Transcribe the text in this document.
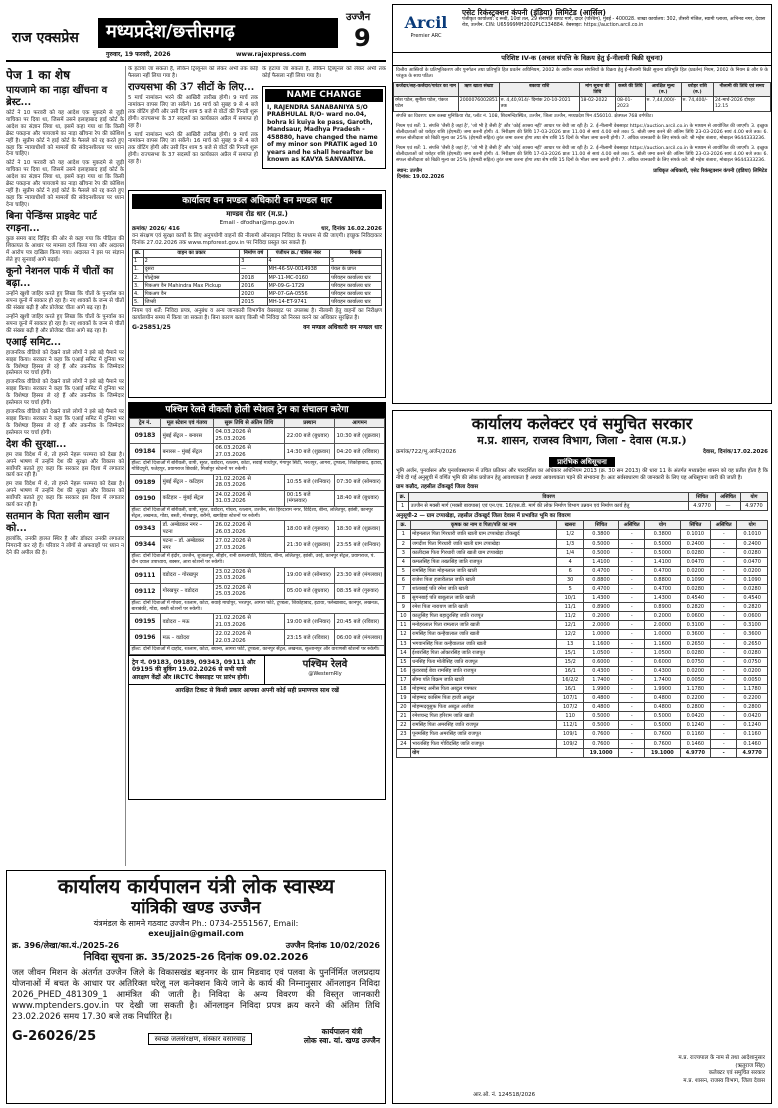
राज एक्सप्रेस	मध्यप्रदेश/छत्तीसगढ़
उज्जैन
9
गुरुवार, 19 फरवरी, 2026	www.rajexpress.com
पेज 1 का शेष
पायजामे का नाड़ा खींचना व ब्रेस्ट...

कोर्ट ने 10 फरवरी को यह आदेश एक मुकदमे से जुड़ी याचिका पर दिया था, जिसमें उसने इलाहाबाद हाई कोर्ट के आदेश का संज्ञान लिया था, इसमें कहा गया था कि किसी ब्रेस्ट पकड़ना और पायजामे का नाड़ा खींचना रेप की कोशिश नहीं है। सुप्रीम कोर्ट ने हाई कोर्ट के फैसले को रद्द करते हुए कहा कि न्यायाधीशों को मामलों की संवेदनशीलता पर ध्यान देना चाहिए।

कोर्ट ने 10 फरवरी को यह आदेश एक मुकदमे से जुड़ी याचिका पर दिया था, जिसमें उसने इलाहाबाद हाई कोर्ट के आदेश का संज्ञान लिया था, इसमें कहा गया था कि किसी ब्रेस्ट पकड़ना और पायजामे का नाड़ा खींचना रेप की कोशिश नहीं है। सुप्रीम कोर्ट ने हाई कोर्ट के फैसले को रद्द करते हुए कहा कि न्यायाधीशों को मामलों की संवेदनशीलता पर ध्यान देना चाहिए।

बिना पेन्डिंग्स प्राइवेट पार्ट रगड़ना...

कुछ समय बाद दिहिंद की ओर से कहा गया कि पीड़िता की शिकायत के आधार पर मामला दर्ज किया गया और अदालत में आरोप पत्र दाखिल किया गया। अदालत ने इस पर संज्ञान लेते हुए सुनवाई आगे बढ़ाई।

कूनो नेशनल पार्क में चीतों का बढ़ा...

उन्होंने खुशी जाहिर करते हुए लिखा कि चीतों के पुनर्वास का सपना कूनो में साकार हो रहा है। नए शावकों के जन्म से चीतों की संख्या बढ़ी है और प्रोजेक्ट चीता आगे बढ़ रहा है।

उन्होंने खुशी जाहिर करते हुए लिखा कि चीतों के पुनर्वास का सपना कूनो में साकार हो रहा है। नए शावकों के जन्म से चीतों की संख्या बढ़ी है और प्रोजेक्ट चीता आगे बढ़ रहा है।

एआई समिट...

हाजनरिक वीडियो को देखने वाले लोगों ने इसे बड़े पैमाने पर साझा किया। सरकार ने कहा कि एआई समिट में दुनिया भर के विशेषज्ञ हिस्सा ले रहे हैं और तकनीक के जिम्मेदार इस्तेमाल पर चर्चा होगी।

हाजनरिक वीडियो को देखने वाले लोगों ने इसे बड़े पैमाने पर साझा किया। सरकार ने कहा कि एआई समिट में दुनिया भर के विशेषज्ञ हिस्सा ले रहे हैं और तकनीक के जिम्मेदार इस्तेमाल पर चर्चा होगी।

हाजनरिक वीडियो को देखने वाले लोगों ने इसे बड़े पैमाने पर साझा किया। सरकार ने कहा कि एआई समिट में दुनिया भर के विशेषज्ञ हिस्सा ले रहे हैं और तकनीक के जिम्मेदार इस्तेमाल पर चर्चा होगी।

देश की सुरक्षा...

हम जब विदेश में थे, तो हमने नेहरू परम्परा को देखा है। अपने भाषण में उन्होंने देश की सुरक्षा और विकास को सर्वोपरि बताते हुए कहा कि सरकार इस दिशा में लगातार कार्य कर रही है।

हम जब विदेश में थे, तो हमने नेहरू परम्परा को देखा है। अपने भाषण में उन्होंने देश की सुरक्षा और विकास को सर्वोपरि बताते हुए कहा कि सरकार इस दिशा में लगातार कार्य कर रही है।

सतमान के पिता सलीम खान को...

हालांकि, उनकी हालत स्थिर है और डॉक्टर उनकी लगातार निगरानी कर रहे हैं। परिवार ने लोगों से अफवाहों पर ध्यान न देने की अपील की है।

के हटाया जा सकता है, लेकिन ट्रिब्यूनल को लेकर अभी तक कोई फैसला नहीं लिया गया है।

राज्यसभा की 37 सीटों के लिए...

5 मार्च नामांकन भरने की आखिरी तारीख होगी। 9 मार्च तक नामांकन वापस लिए जा सकेंगे। 16 मार्च को सुबह 9 से 4 बजे तक वोटिंग होगी और उसी दिन शाम 5 बजे से वोटों की गिनती शुरू होगी। राज्यसभा के 37 सदस्यों का कार्यकाल अप्रैल में समाप्त हो रहा है।

5 मार्च नामांकन भरने की आखिरी तारीख होगी। 9 मार्च तक नामांकन वापस लिए जा सकेंगे। 16 मार्च को सुबह 9 से 4 बजे तक वोटिंग होगी और उसी दिन शाम 5 बजे से वोटों की गिनती शुरू होगी। राज्यसभा के 37 सदस्यों का कार्यकाल अप्रैल में समाप्त हो रहा है।

के हटाया जा सकता है, लेकिन ट्रिब्यूनल को लेकर अभी तक कोई फैसला नहीं लिया गया है।

NAME CHANGE
I, RAJENDRA SANABANIYA S/O PRABHULAL R/O- ward no.04, bohra ki kuiya ke pass, Garoth, Mandsaur, Madhya Pradesh - 458880, have changed the name of my minor son PRATIK aged 10 years and he shall hereafter be known as KAVYA SANVANIYA.
कार्यालय वन मण्डल अधिकारी वन मण्डल धार
माण्डव रोड धार (म.प्र.)
Email - dfodhar@mp.gov.in
क्रमांक/ 2026/ 416	धार, दिनांक 16.02.2026

वन संरक्षण एवं सुरक्षा कार्यों के लिए अनुपयोगी वाहनों की नीलामी ऑनलाइन निविदा के माध्यम से की जाएगी। इच्छुक निविदाकार दिनांक 27.02.2026 तक www.mpforest.gov.in पर निविदा प्रस्तुत कर सकते हैं।

क्र.	वाहन का प्रकार	निर्माण वर्ष	पंजीयन क्र./ चेसिस नंबर	रिमार्क
1	2	3	4	5
1.	दूसरा	—	MH-46-SV-0014938	पेयल के प्राप्त
2.	पोल्ट्रेक्स	2018	MP-11-MC-0160	परिवहन कार्यालय धार
3.	पिकअप वैन Mahindra Max Pickup	2016	MP-09-G-1729	परिवहन कार्यालय धार
4.	पिकअप वैन	2020	MP-07-GA-0556	परिवहन कार्यालय धार
5.	जिप्सी	2015	MH-14-ET-9741	परिवहन कार्यालय धार

नियम एवं शर्तें: निविदा प्रपत्र, अनुबंध व अन्य जानकारी विभागीय वेबसाइट पर उपलब्ध है। नीलामी हेतु वाहनों का निरीक्षण कार्यालयीन समय में किया जा सकता है। बिना कारण बताए किसी भी निविदा को निरस्त करने का अधिकार सुरक्षित है।

G-25851/25	वन मण्डल अधिकारी वन मण्डल धार
पश्चिम रेलवे वीकली होली स्पेशल ट्रेन का संचालन करेगा
ट्रेन नं.	मूल स्टेशन एवं गंतव्य	सुरू तिथि से अंतिम तिथि	प्रस्थान	आगमन
09183	मुंबई सेंट्रल – बनारस	04.03.2026 से 25.03.2026	22:00 बजे (बुधवार)	10:30 बजे (शुक्रवार)
09184	बनारस – मुंबई सेंट्रल	06.03.2026 से 27.03.2026	14:30 बजे (शुक्रवार)	04:20 बजे (रविवार)
हॉल्ट: दोनों दिशाओं में बोरीवली, वापी, सूरत, वडोदरा, रतलाम, कोटा, सवाई माधोपुर, गंगापुर सिटी, भरतपुर, आगरा, टूण्डला, शिकोहाबाद, इटावा, गोविंदपुरी, फतेहपुर, प्रयागराज छिवकी, मिर्जापुर स्टेशनों पर रुकेगी।				
09189	मुंबई सेंट्रल – कटिहार	21.02.2026 से 28.03.2026	10:55 बजे (शनिवार)	07:30 बजे (सोमवार)
09190	कटिहार – मुंबई सेंट्रल	24.02.2026 से 31.03.2026	00:15 बजे (मंगलवार)	18:40 बजे (बुधवार)
हॉल्ट: दोनों दिशाओं में बोरीवली, वापी, सूरत, वडोदरा, गोधरा, रतलाम, उज्जैन, संत हिरदाराम नगर, विदिशा, बीना, ललितपुर, झांसी, कानपुर सेंट्रल, लखनऊ, गोंडा, बस्ती, गोरखपुर, बरौनी, खगड़िया स्टेशनों पर रुकेगी।				
09343	डॉ. अम्बेडकर नगर – पटना	26.02.2026 से 26.03.2026	18:00 बजे (गुरुवार)	18:30 बजे (शुक्रवार)
09344	पटना – डॉ. अम्बेडकर नगर	27.02.2026 से 27.03.2026	21:30 बजे (शुक्रवार)	23:55 बजे (शनिवार)
हॉल्ट: दोनों दिशाओं में इंदौर, उज्जैन, शुजालपुर, सीहोर, रानी कमलापति, विदिशा, बीना, ललितपुर, झांसी, उरई, कानपुर सेंट्रल, प्रयागराज, पं. दीन दयाल उपाध्याय, बक्सर, आरा स्टेशनों पर रुकेगी।				
09111	वडोदरा – गोरखपुर	23.02.2026 से 23.03.2026	19:00 बजे (सोमवार)	23:30 बजे (मंगलवार)
09112	गोरखपुर – वडोदरा	25.02.2026 से 25.03.2026	05:00 बजे (बुधवार)	08:35 बजे (गुरुवार)
हॉल्ट: दोनों दिशाओं में गोधरा, रतलाम, कोटा, सवाई माधोपुर, भरतपुर, आगरा फोर्ट, टूण्डला, शिकोहाबाद, इटावा, फर्रुखाबाद, कानपुर, लखनऊ, बाराबंकी, गोंडा, बस्ती स्टेशनों पर रुकेगी।				
09195	वडोदरा – मऊ	21.02.2026 से 21.03.2026	19:00 बजे (शनिवार)	20:45 बजे (रविवार)
09196	मऊ – वडोदरा	22.02.2026 से 22.03.2026	23:15 बजे (रविवार)	06:00 बजे (मंगलवार)
हॉल्ट: दोनों दिशाओं में दाहोद, रतलाम, कोटा, बयाना, आगरा फोर्ट, टूण्डला, कानपुर सेंट्रल, लखनऊ, सुल्तानपुर और वाराणसी स्टेशनों पर रुकेगी।				
ट्रेन नं. 09183, 09189, 09343, 09111 और 09195 की बुकिंग 19.02.2026 से सभी यात्री आरक्षण केंद्रों और IRCTC वेबसाइट पर प्रारंभ होगी।
पश्चिम रेलवे
@WesternRly
आरक्षित टिकट से किसी प्रकार आपका अपनी कोई सही प्रमाणपत्र साथ रखें
कार्यालय कार्यपालन यंत्री लोक स्वास्थ्य
यांत्रिकी खण्ड उज्जैन
यंत्रमंडल के सामने गठवाट उज्जैन Ph.: 0734-2551567, Email:
exeujjain@gmail.com
क्र. 396/लेखा/का.यं./2025-26	उज्जैन दिनांक 10/02/2026
निविदा सूचना क्र. 35/2025-26 दिनांक 09.02.2026
जल जीवन मिशन के अंतर्गत उज्जैन जिले के विकासखंड बड़नगर के ग्राम मिडवाद एवं पलवा के पुनर्निर्मित जलप्रदाय योजनाओं में बचत के आधार पर अतिरिक्त घरेलू नल कनेक्शन किये जाने के कार्य की निम्नानुसार ऑनलाइन निविदा 2026_PHED_481309_1 आमंत्रित की जाती है। निविदा के अन्य विवरण की विस्तृत जानकारी www.mptenders.gov.in पर देखी जा सकती है। ऑनलाइन निविदा प्रपत्र क्रय करने की अंतिम तिथि 23.02.2026 समय 17.30 बजे तक निर्धारित है।
G-26026/25	स्वच्छ जलसंरक्षण, संस्कार वसारवाह
कार्यपालन यंत्री
लोक स्वा. यां. खण्ड उज्जैन
Arcil
Premier ARC
एसेट रिकंस्ट्रक्शन कंपनी (इंडिया) लिमिटेड (आर्सिल)
पंजीकृत कार्यालय: द रूबी, 10वां तल, 29 सेनापति बापट मार्ग, दादर (पश्चिम), मुंबई - 400028. शाखा कार्यालय: 302, तीसरी मंजिल, स्वामी प्लाजा, अभिनव नगर, देवास रोड, उज्जैन. CIN: U65999MH2002PLC134884. वेबसाइट: https://auction.arcil.co.in
परिशिष्ट IV-क (अचल संपत्ति के विक्रय हेतु ई-नीलामी बिक्री सूचना)
वित्तीय आस्तियों के प्रतिभूतिकरण और पुनर्गठन तथा प्रतिभूति हित प्रवर्तन अधिनियम, 2002 के अधीन अचल संपत्तियों के विक्रय हेतु ई-नीलामी बिक्री सूचना प्रतिभूति हित (प्रवर्तन) नियम, 2002 के नियम 8 और 9 के परंतुक के साथ पठित।
कर्जदार/सह-कर्जदार/गारंटर का नाम	ऋण खाता संख्या	बकाया राशि	मांग सूचना की तिथि	कब्जे की तिथि	आरक्षित मूल्य (रु.)	धरोहर राशि (रु.)	नीलामी की तिथि एवं समय
रमेश पटेल, सुनीता पटेल, पंकज पटेल	2000076002851	रु. 4,40,914/- दिनांक 20-10-2021 तक	18-02-2022	08-01-2023	रु. 7,44,000/-	रु. 74,400/-	24-मार्च-2026 दोपहर 12.15
संपत्ति का विवरण: ग्राम कस्बा मुनिकिया रोड, प्लॉट नं. 108, शिवमन्दिरस्थित, उज्जैन, जिला उज्जैन, मध्यप्रदेश पिन 456010. क्षेत्रफल 768 वर्गफीट।
नियम एवं शर्तें: 1. संपत्ति 'जैसी है जहां है', 'जो भी है जैसी है' और 'कोई आश्रय नहीं' आधार पर बेची जा रही है। 2. ई-नीलामी वेबसाइट https://auction.arcil.co.in के माध्यम से आयोजित की जाएगी। 3. इच्छुक बोलीदाताओं को धरोहर राशि (ईएमडी) जमा करनी होगी। 4. निरीक्षण की तिथि 17-03-2026 प्रातः 11.00 से सायं 4.00 बजे तक। 5. बोली जमा करने की अंतिम तिथि 23-03-2026 सायं 4.00 बजे तक। 6. सफल बोलीदाता को बिक्री मूल्य का 25% (ईएमडी सहित) तुरंत जमा करना होगा तथा शेष राशि 15 दिनों के भीतर जमा करनी होगी। 7. अधिक जानकारी के लिए संपर्क करें: श्री महेश बंजारा, मोबाइल 9644333236.
नियम एवं शर्तें: 1. संपत्ति 'जैसी है जहां है', 'जो भी है जैसी है' और 'कोई आश्रय नहीं' आधार पर बेची जा रही है। 2. ई-नीलामी वेबसाइट https://auction.arcil.co.in के माध्यम से आयोजित की जाएगी। 3. इच्छुक बोलीदाताओं को धरोहर राशि (ईएमडी) जमा करनी होगी। 4. निरीक्षण की तिथि 17-03-2026 प्रातः 11.00 से सायं 4.00 बजे तक। 5. बोली जमा करने की अंतिम तिथि 23-03-2026 सायं 4.00 बजे तक। 6. सफल बोलीदाता को बिक्री मूल्य का 25% (ईएमडी सहित) तुरंत जमा करना होगा तथा शेष राशि 15 दिनों के भीतर जमा करनी होगी। 7. अधिक जानकारी के लिए संपर्क करें: श्री महेश बंजारा, मोबाइल 9644333236.
स्थान: उज्जैन
दिनांक: 19.02.2026
प्राधिकृत अधिकारी, एसेट रिकंस्ट्रक्शन कंपनी (इंडिया) लिमिटेड
कार्यालय कलेक्टर एवं समुचित सरकार
म.प्र. शासन, राजस्व विभाग, जिला - देवास (म.प्र.)
क्रमांक/722/भू.अर्जन/2026	देवास, दिनांक/17.02.2026
प्रारंभिक अधिसूचना
भूमि अर्जन, पुनर्वासन और पुनर्व्यवस्थापन में उचित प्रतिकर और पारदर्शिता का अधिकार अधिनियम 2013 (क्र. 30 सन 2013) की धारा 11 के अंतर्गत मध्यप्रदेश शासन को यह प्रतीत होता है कि नीचे दी गई अनुसूची में वर्णित भूमि की लोक प्रयोजन हेतु आवश्यकता है अथवा आवश्यकता पड़ने की संभावना है। अतः सर्वसाधारण की जानकारी के लिए यह अधिसूचना जारी की जाती है।
ग्राम कन्नौद, तहसील टोंकखुर्द जिला देवास
क्र.	विवरण	सिंचित	असिंचित	योग
1	उज्जैन से मक्सी मार्ग (मक्सी बायपास) एवं एन.एच. 16/एस.डी. मार्ग की लोक निर्माण विभाग उन्नयन एवं निर्माण कार्य हेतु	4.9770	—	4.9770
अनुसूची-2 — ग्राम टप्पाखेड़ा, तहसील टोंकखुर्द जिला देवास में प्रभावित भूमि का विवरण
क्र.	कृषक का नाम व पिता/पति का नाम	खसरा	सिंचित	असिंचित	योग	सिंचित	असिंचित	योग
1	मोहनलाल पिता गिरधारी जाति खाती ग्राम टप्पाखेड़ा टोंकखुर्द	1/2	0.3800	-	0.3800	0.1010	-	0.1010
2	जगदीश पिता गिरधारी जाति खाती ग्राम टप्पाखेड़ा	1/3	0.5000	-	0.5000	0.2400	-	0.2400
3	कालीदास पिता गिरधारी जाति खाती ग्राम टप्पाखेड़ा	1/4	0.5000	-	0.5000	0.0280	-	0.0280
4	कमलसिंह पिता तख्तसिंह जाति राजपूत	4	1.4100	-	1.4100	0.0470	-	0.0470
5	रामसिंह पिता मोहनलाल जाति खाती	6	0.4700	-	0.4700	0.0200	-	0.0200
6	राजेश पिता हजारीलाल जाति खाती	30	0.8800	-	0.8800	0.1090	-	0.1090
7	शांताबाई पति रमेश जाति खाती	5	0.4700	-	0.4700	0.0280	-	0.0280
8	सुगनबाई पति बाबूलाल जाति खाती	10/1	1.4300	-	1.4300	0.4540	-	0.4540
9	रमेश पिता नारायण जाति खाती	11/1	0.8900	-	0.8900	0.2820	-	0.2820
10	कालुसिंह पिता बहादुरसिंह जाति राजपूत	11/2	0.2000	-	0.2000	0.0600	-	0.0600
11	मनोहरलाल पिता रामलाल जाति खाती	12/1	2.0000	-	2.0000	0.3100	-	0.3100
12	रामसिंह पिता कन्हैयालाल जाति खाती	12/2	1.0000	-	1.0000	0.3600	-	0.3600
13	भगवानसिंह पिता कन्हैयालाल जाति खाती	13	1.1600	-	1.1600	0.2650	-	0.2650
14	ईश्वरसिंह पिता ओंकारसिंह जाति राजपूत	15/1	1.0500	-	1.0500	0.0280	-	0.0280
15	धनसिंह पिता मोतीसिंह जाति राजपूत	15/2	0.6000	-	0.6000	0.0750	-	0.0750
16	कुंवरबाई बेवा रामसिंह जाति राजपूत	16/1	0.4300	-	0.4300	0.0200	-	0.0200
17	सीमा पति विक्रम जाति खाती	16/2/2	1.7400	-	1.7400	0.0050	-	0.0050
18	मोहम्मद अनीस पिता अब्दुल गफ्फार	16/1	1.9900	-	1.9900	1.1780	-	1.1780
19	मोहम्मद कासिम पिता हाजी अब्दुल	107/1	0.4800	-	0.4800	0.2200	-	0.2200
20	मोहम्मदयूसुफ पिता अब्दुल अजीज	107/2	0.4800	-	0.4800	0.2800	-	0.2800
21	रमेशचन्द्र पिता हरिराम जाति खाती	110	0.5000	-	0.5000	0.0420	-	0.0420
22	रामसिंह पिता अमरसिंह जाति राजपूत	112/1	0.5000	-	0.5000	0.1240	-	0.1240
23	पूनमसिंह पिता अमरसिंह जाति राजपूत	109/1	0.7600	-	0.7600	0.1160	-	0.1160
24	भारतसिंह पिता गोविंदसिंह जाति राजपूत	109/2	0.7600	-	0.7600	0.1460	-	0.1460
	योग		19.1000	-	19.1000	4.9770	-	4.9770
म.प्र. राज्यपाल के नाम से तथा आदेशानुसार
(ऋतुराज सिंह)
कलेक्टर एवं समुचित सरकार
म.प्र. शासन, राजस्व विभाग, जिला देवास
आर.ओ. नं. 124518/2026
